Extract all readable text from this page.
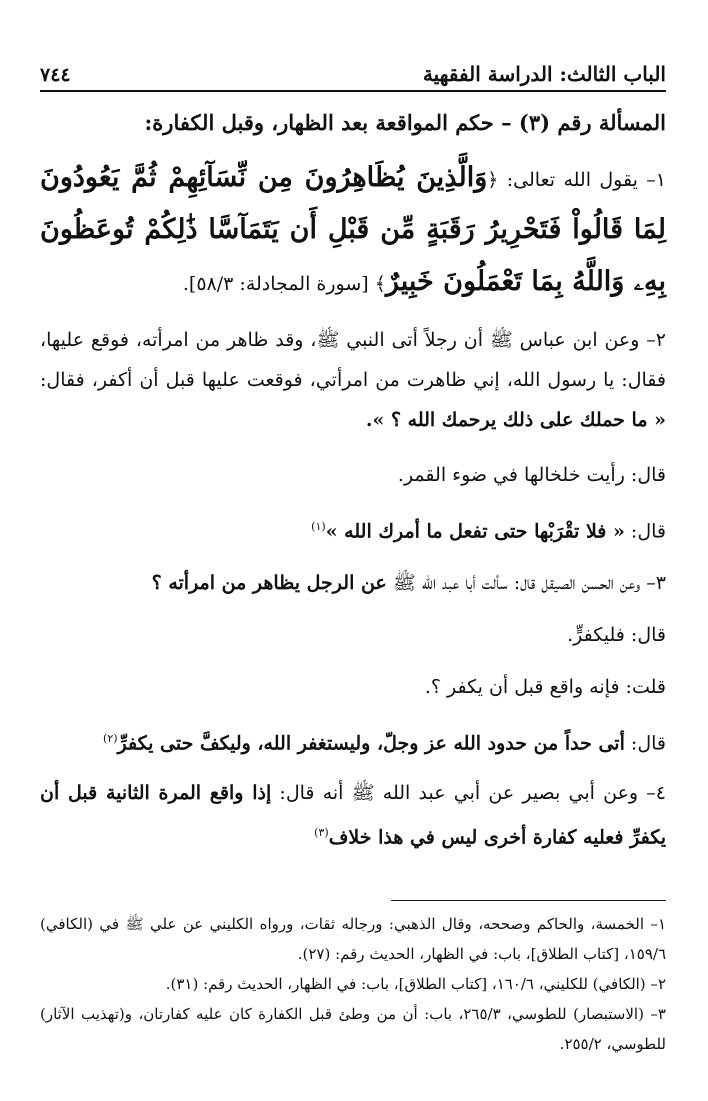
الباب الثالث: الدراسة الفقهية
٧٤٤
المسألة رقم (٣) – حكم المواقعة بعد الظهار، وقبل الكفارة:
١– يقول الله تعالى: ﴿وَالَّذِينَ يُظَاهِرُونَ مِن نِّسَآئِهِمْ ثُمَّ يَعُودُونَ لِمَا قَالُواْ فَتَحْرِيرُ رَقَبَةٍ مِّن قَبْلِ أَن يَتَمَآسَّا ذَٰلِكُمْ تُوعَظُونَ بِهِۦ وَاللَّهُ بِمَا تَعْمَلُونَ خَبِيرٌ﴾ [سورة المجادلة: ٥٨/٣].
٢– وعن ابن عباس ﷺ أن رجلاً أتى النبي ﷺ، وقد ظاهر من امرأته، فوقع عليها، فقال: يا رسول الله، إني ظاهرت من امرأتي، فوقعت عليها قبل أن أكفر، فقال: « ما حملك على ذلك يرحمك الله ؟ ».
قال: رأيت خلخالها في ضوء القمر.
قال: « فلا تقْرَبْها حتى تفعل ما أمرك الله »$^{(١)}$
٣– وعن الحسن الصيقل قال: سألت أبا عبد الله ﷺ عن الرجل يظاهر من امرأته ؟
قال: فليكفرٍّ.
قلت: فإنه واقع قبل أن يكفر ؟.
قال: أتى حداً من حدود الله عز وجلّ، وليستغفر الله، وليكفَّ حتى يكفرِّ$^{(٢)}$
٤– وعن أبي بصير عن أبي عبد الله ﷺ أنه قال: إذا واقع المرة الثانية قبل أن يكفرِّ فعليه كفارة أخرى ليس في هذا خلاف$^{(٣)}$
١– الخمسة، والحاكم وصححه، وقال الذهبي: ورجاله ثقات، ورواه الكليني عن علي ﷺ في (الكافي) ١٥٩/٦، [كتاب الطلاق]، باب: في الظهار، الحديث رقم: (٢٧).
٢– (الكافي) للكليني، ١٦٠/٦، [كتاب الطلاق]، باب: في الظهار، الحديث رقم: (٣١).
٣– (الاستبصار) للطوسي، ٢٦٥/٣، باب: أن من وطئ قبل الكفارة كان عليه كفارتان، و(تهذيب الآثار) للطوسي، ٢٥٥/٢.
